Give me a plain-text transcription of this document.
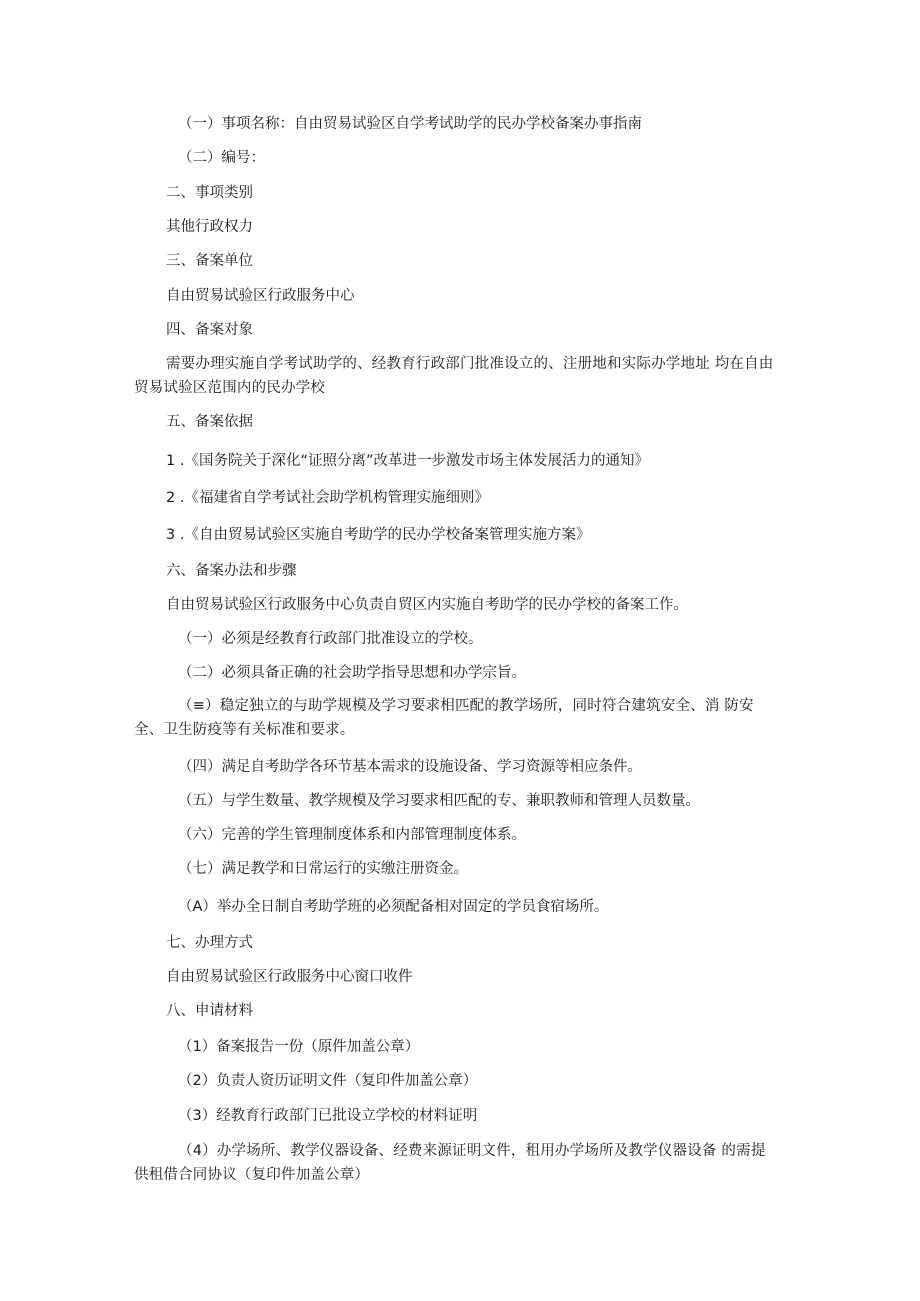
（一）事项名称：自由贸易试验区自学考试助学的民办学校备案办事指南
（二）编号：
二、事项类别
其他行政权力
三、备案单位
自由贸易试验区行政服务中心
四、备案对象
需要办理实施自学考试助学的、经教育行政部门批准设立的、注册地和实际办学地址 均在自由贸易试验区范围内的民办学校
五、备案依据
1 .《国务院关于深化“证照分离”改革进一步激发市场主体发展活力的通知》
2 .《福建省自学考试社会助学机构管理实施细则》
3 .《自由贸易试验区实施自考助学的民办学校备案管理实施方案》
六、备案办法和步骤
自由贸易试验区行政服务中心负责自贸区内实施自考助学的民办学校的备案工作。
（一）必须是经教育行政部门批准设立的学校。
（二）必须具备正确的社会助学指导思想和办学宗旨。
（≡）稳定独立的与助学规模及学习要求相匹配的教学场所，同时符合建筑安全、消 防安全、卫生防疫等有关标准和要求。
（四）满足自考助学各环节基本需求的设施设备、学习资源等相应条件。
（五）与学生数量、教学规模及学习要求相匹配的专、兼职教师和管理人员数量。
（六）完善的学生管理制度体系和内部管理制度体系。
（七）满足教学和日常运行的实缴注册资金。
（A）举办全日制自考助学班的必须配备相对固定的学员食宿场所。
七、办理方式
自由贸易试验区行政服务中心窗口收件
八、申请材料
（1）备案报告一份（原件加盖公章）
（2）负责人资历证明文件（复印件加盖公章）
（3）经教育行政部门已批设立学校的材料证明
（4）办学场所、教学仪器设备、经费来源证明文件，租用办学场所及教学仪器设备 的需提供租借合同协议（复印件加盖公章）
